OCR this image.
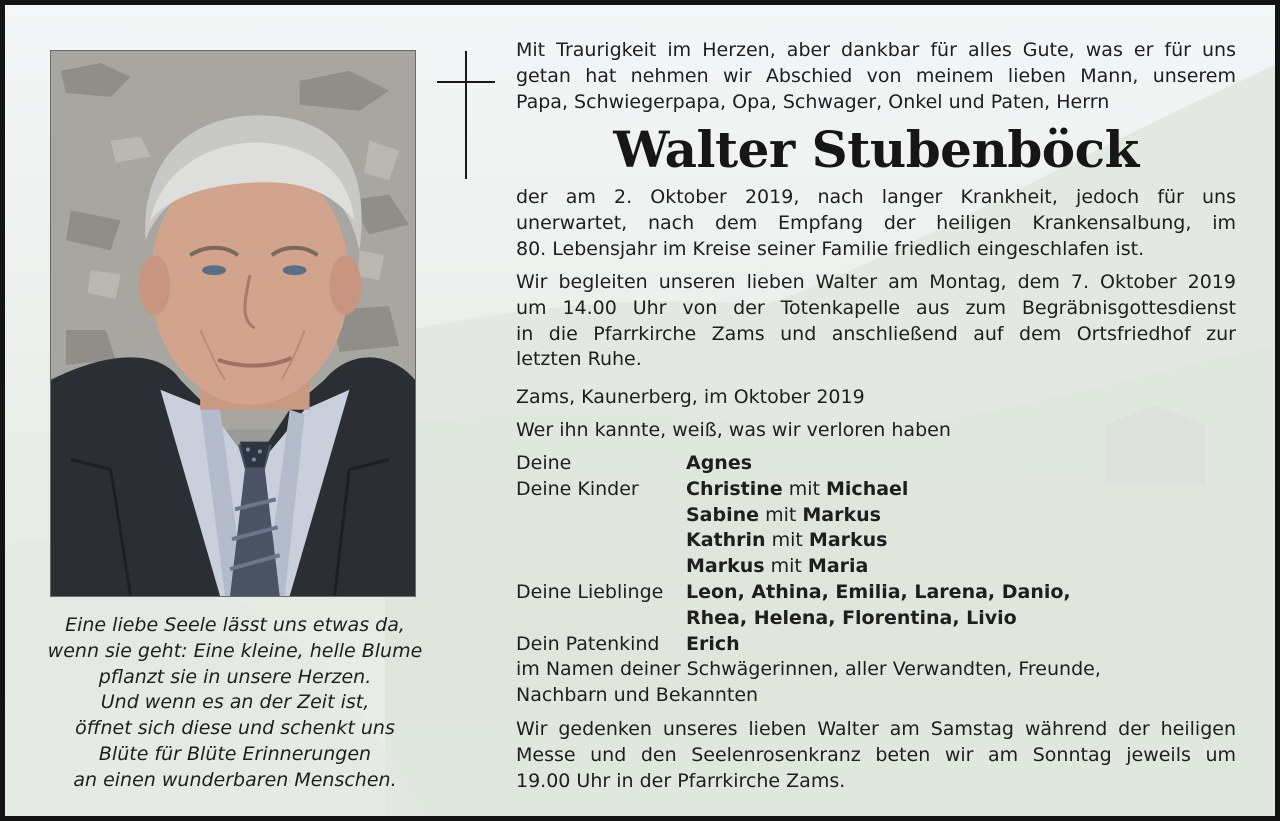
Mit Traurigkeit im Herzen, aber dankbar für alles Gute, was er für uns
getan hat nehmen wir Abschied von meinem lieben Mann, unserem
Papa, Schwiegerpapa, Opa, Schwager, Onkel und Paten, Herrn
Walter Stubenböck
der am 2. Oktober 2019, nach langer Krankheit, jedoch für uns
unerwartet, nach dem Empfang der heiligen Krankensalbung, im
80. Lebensjahr im Kreise seiner Familie friedlich eingeschlafen ist.
Wir begleiten unseren lieben Walter am Montag, dem 7. Oktober 2019
um 14.00 Uhr von der Totenkapelle aus zum Begräbnisgottesdienst
in die Pfarrkirche Zams und anschließend auf dem Ortsfriedhof zur
letzten Ruhe.
Zams, Kaunerberg, im Oktober 2019
Wer ihn kannte, weiß, was wir verloren haben
Deine	Agnes
Deine Kinder	Christine mit Michael
Sabine mit Markus
Kathrin mit Markus
Markus mit Maria
Deine Lieblinge	Leon, Athina, Emilia, Larena, Danio,
Rhea, Helena, Florentina, Livio
Dein Patenkind	Erich
im Namen deiner Schwägerinnen, aller Verwandten, Freunde,
Nachbarn und Bekannten
Wir gedenken unseres lieben Walter am Samstag während der heiligen
Messe und den Seelenrosenkranz beten wir am Sonntag jeweils um
19.00 Uhr in der Pfarrkirche Zams.
Eine liebe Seele lässt uns etwas da,
wenn sie geht: Eine kleine, helle Blume
pflanzt sie in unsere Herzen.
Und wenn es an der Zeit ist,
öffnet sich diese und schenkt uns
Blüte für Blüte Erinnerungen
an einen wunderbaren Menschen.
